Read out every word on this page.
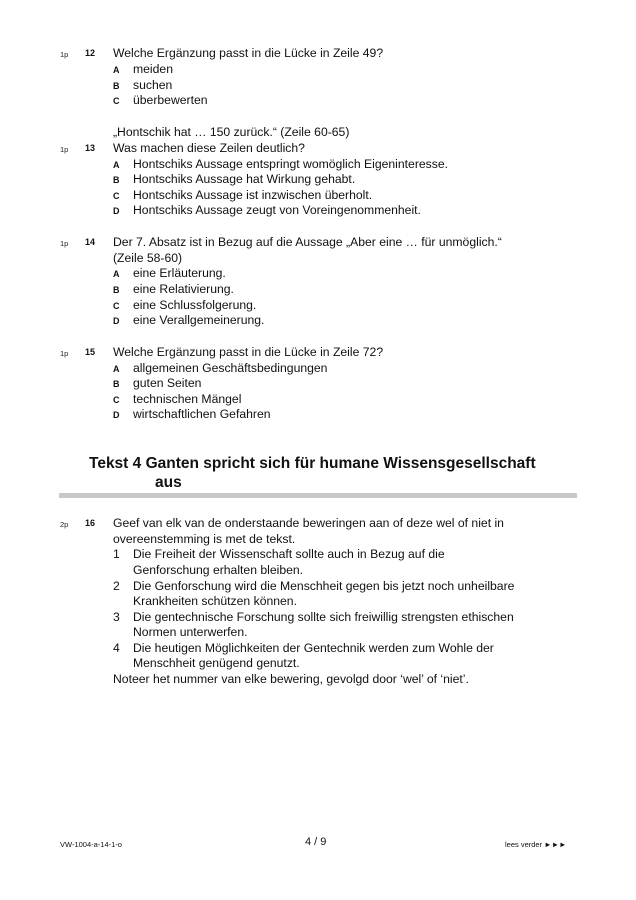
1p 12 Welche Ergänzung passt in die Lücke in Zeile 49?
A meiden
B suchen
C überbewerten
„Hontschik hat … 150 zurück.“ (Zeile 60-65)
1p 13 Was machen diese Zeilen deutlich?
A Hontschiks Aussage entspringt womöglich Eigeninteresse.
B Hontschiks Aussage hat Wirkung gehabt.
C Hontschiks Aussage ist inzwischen überholt.
D Hontschiks Aussage zeugt von Voreingenommenheit.
1p 14 Der 7. Absatz ist in Bezug auf die Aussage „Aber eine … für unmöglich.“
(Zeile 58-60)
A eine Erläuterung.
B eine Relativierung.
C eine Schlussfolgerung.
D eine Verallgemeinerung.
1p 15 Welche Ergänzung passt in die Lücke in Zeile 72?
A allgemeinen Geschäftsbedingungen
B guten Seiten
C technischen Mängel
D wirtschaftlichen Gefahren
Tekst 4 Ganten spricht sich für humane Wissensgesellschaft
aus
2p 16 Geef van elk van de onderstaande beweringen aan of deze wel of niet in
overeenstemming is met de tekst.
1 Die Freiheit der Wissenschaft sollte auch in Bezug auf die
Genforschung erhalten bleiben.
2 Die Genforschung wird die Menschheit gegen bis jetzt noch unheilbare
Krankheiten schützen können.
3 Die gentechnische Forschung sollte sich freiwillig strengsten ethischen
Normen unterwerfen.
4 Die heutigen Möglichkeiten der Gentechnik werden zum Wohle der
Menschheit genügend genutzt.
Noteer het nummer van elke bewering, gevolgd door ‘wel’ of ‘niet’.
VW-1004-a-14-1-o	4 / 9	lees verder ►►►
